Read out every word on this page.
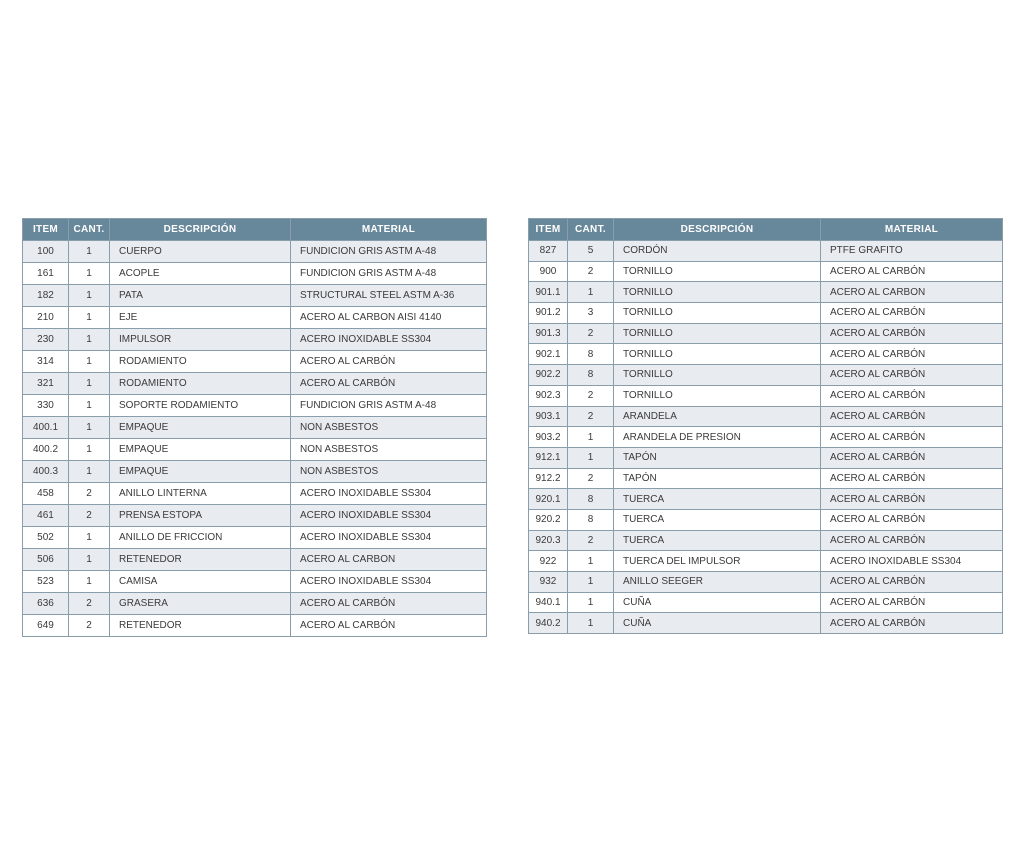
ITEM	CANT.	DESCRIPCIÓN	MATERIAL
100	1	CUERPO	FUNDICION GRIS ASTM A-48
161	1	ACOPLE	FUNDICION GRIS ASTM A-48
182	1	PATA	STRUCTURAL STEEL ASTM A-36
210	1	EJE	ACERO AL CARBON AISI 4140
230	1	IMPULSOR	ACERO INOXIDABLE SS304
314	1	RODAMIENTO	ACERO AL CARBÓN
321	1	RODAMIENTO	ACERO AL CARBÓN
330	1	SOPORTE RODAMIENTO	FUNDICION GRIS ASTM A-48
400.1	1	EMPAQUE	NON ASBESTOS
400.2	1	EMPAQUE	NON ASBESTOS
400.3	1	EMPAQUE	NON ASBESTOS
458	2	ANILLO LINTERNA	ACERO INOXIDABLE SS304
461	2	PRENSA ESTOPA	ACERO INOXIDABLE SS304
502	1	ANILLO DE FRICCION	ACERO INOXIDABLE SS304
506	1	RETENEDOR	ACERO AL CARBON
523	1	CAMISA	ACERO INOXIDABLE SS304
636	2	GRASERA	ACERO AL CARBÓN
649	2	RETENEDOR	ACERO AL CARBÓN
ITEM	CANT.	DESCRIPCIÓN	MATERIAL
827	5	CORDÓN	PTFE GRAFITO
900	2	TORNILLO	ACERO AL CARBÓN
901.1	1	TORNILLO	ACERO AL CARBON
901.2	3	TORNILLO	ACERO AL CARBÓN
901.3	2	TORNILLO	ACERO AL CARBÓN
902.1	8	TORNILLO	ACERO AL CARBÓN
902.2	8	TORNILLO	ACERO AL CARBÓN
902.3	2	TORNILLO	ACERO AL CARBÓN
903.1	2	ARANDELA	ACERO AL CARBÓN
903.2	1	ARANDELA DE PRESION	ACERO AL CARBÓN
912.1	1	TAPÓN	ACERO AL CARBÓN
912.2	2	TAPÓN	ACERO AL CARBÓN
920.1	8	TUERCA	ACERO AL CARBÓN
920.2	8	TUERCA	ACERO AL CARBÓN
920.3	2	TUERCA	ACERO AL CARBÓN
922	1	TUERCA DEL IMPULSOR	ACERO INOXIDABLE SS304
932	1	ANILLO SEEGER	ACERO AL CARBÓN
940.1	1	CUÑA	ACERO AL CARBÓN
940.2	1	CUÑA	ACERO AL CARBÓN
